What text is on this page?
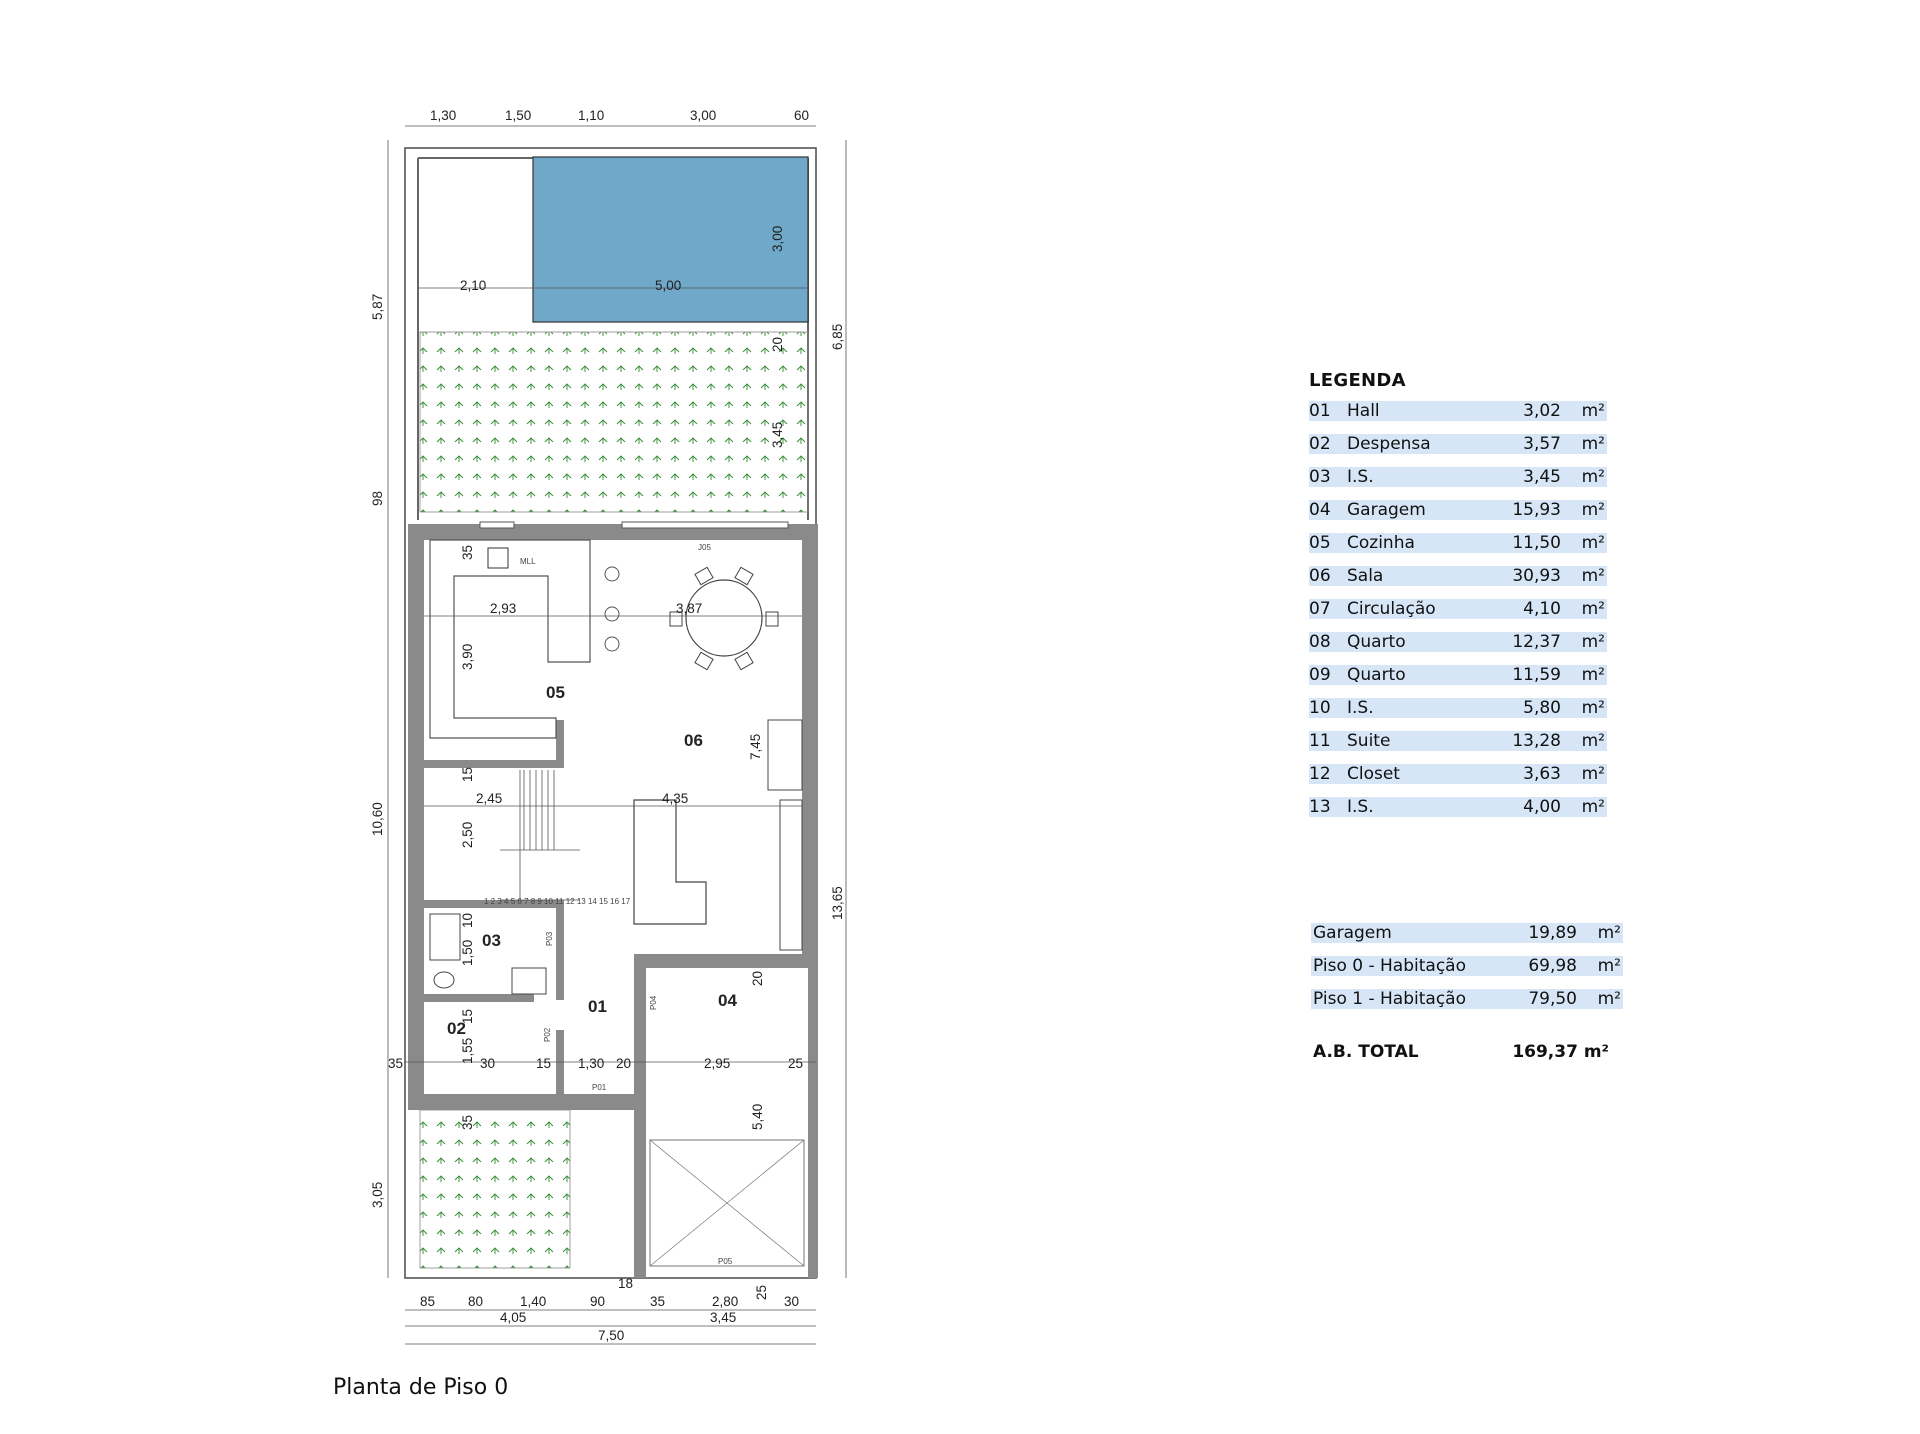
1,30	1,50	1,10	3,00	60
5,87
98
10,60
3,05
6,85
13,65
85 80	1,40	90
18
35	2,80
25
30
4,05	3,45
7,50
2,10	5,00
3,00
20
3,45
35
2,93	3,87
3,90
15
2,45	4,35
7,45
2,50
10
1,50
15
1,55
35	30	15 1,30 20	2,95	25
20
5,40
35
01
02
03
04
05
06
MLL
J05
P01
P02
P03
P04
P05
1 2 3 4 5 6 7 8 9 10 11 12 13 14 15 16 17
Planta de Piso 0
LEGENDA
01 Hall	3,02 m²
02 Despensa	3,57 m²
03 I.S.	3,45 m²
04 Garagem	15,93 m²
05 Cozinha	11,50 m²
06 Sala	30,93 m²
07 Circulação	4,10 m²
08 Quarto	12,37 m²
09 Quarto	11,59 m²
10 I.S.	5,80 m²
11 Suite	13,28 m²
12 Closet	3,63 m²
13 I.S.	4,00 m²
Garagem	19,89 m²
Piso 0 - Habitação	69,98 m²
Piso 1 - Habitação	79,50 m²
A.B. TOTAL	169,37 m²
